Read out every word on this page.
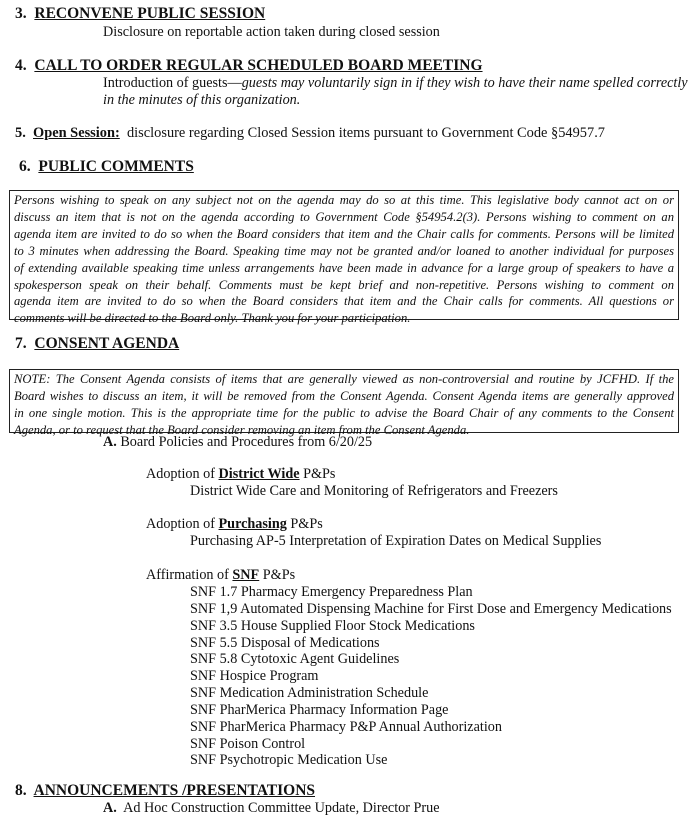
3. RECONVENE PUBLIC SESSION
Disclosure on reportable action taken during closed session
4. CALL TO ORDER REGULAR SCHEDULED BOARD MEETING
Introduction of guests—guests may voluntarily sign in if they wish to have their name spelled correctly
in the minutes of this organization.
5. Open Session: disclosure regarding Closed Session items pursuant to Government Code §54957.7
6. PUBLIC COMMENTS
Persons wishing to speak on any subject not on the agenda may do so at this time. This legislative body cannot act on or
discuss an item that is not on the agenda according to Government Code §54954.2(3). Persons wishing to comment on an
agenda item are invited to do so when the Board considers that item and the Chair calls for comments. Persons will be limited
to 3 minutes when addressing the Board. Speaking time may not be granted and/or loaned to another individual for purposes
of extending available speaking time unless arrangements have been made in advance for a large group of speakers to have a
spokesperson speak on their behalf. Comments must be kept brief and non-repetitive. Persons wishing to comment on
agenda item are invited to do so when the Board considers that item and the Chair calls for comments. All questions or
comments will be directed to the Board only. Thank you for your participation.
7. CONSENT AGENDA
NOTE: The Consent Agenda consists of items that are generally viewed as non-controversial and routine by JCFHD. If the
Board wishes to discuss an item, it will be removed from the Consent Agenda. Consent Agenda items are generally approved
in one single motion. This is the appropriate time for the public to advise the Board Chair of any comments to the Consent
Agenda, or to request that the Board consider removing an item from the Consent Agenda.
A. Board Policies and Procedures from 6/20/25
Adoption of District Wide P&Ps
District Wide Care and Monitoring of Refrigerators and Freezers
Adoption of Purchasing P&Ps
Purchasing AP-5 Interpretation of Expiration Dates on Medical Supplies
Affirmation of SNF P&Ps
SNF 1.7 Pharmacy Emergency Preparedness Plan
SNF 1,9 Automated Dispensing Machine for First Dose and Emergency Medications
SNF 3.5 House Supplied Floor Stock Medications
SNF 5.5 Disposal of Medications
SNF 5.8 Cytotoxic Agent Guidelines
SNF Hospice Program
SNF Medication Administration Schedule
SNF PharMerica Pharmacy Information Page
SNF PharMerica Pharmacy P&P Annual Authorization
SNF Poison Control
SNF Psychotropic Medication Use
8. ANNOUNCEMENTS /PRESENTATIONS
A. Ad Hoc Construction Committee Update, Director Prue
